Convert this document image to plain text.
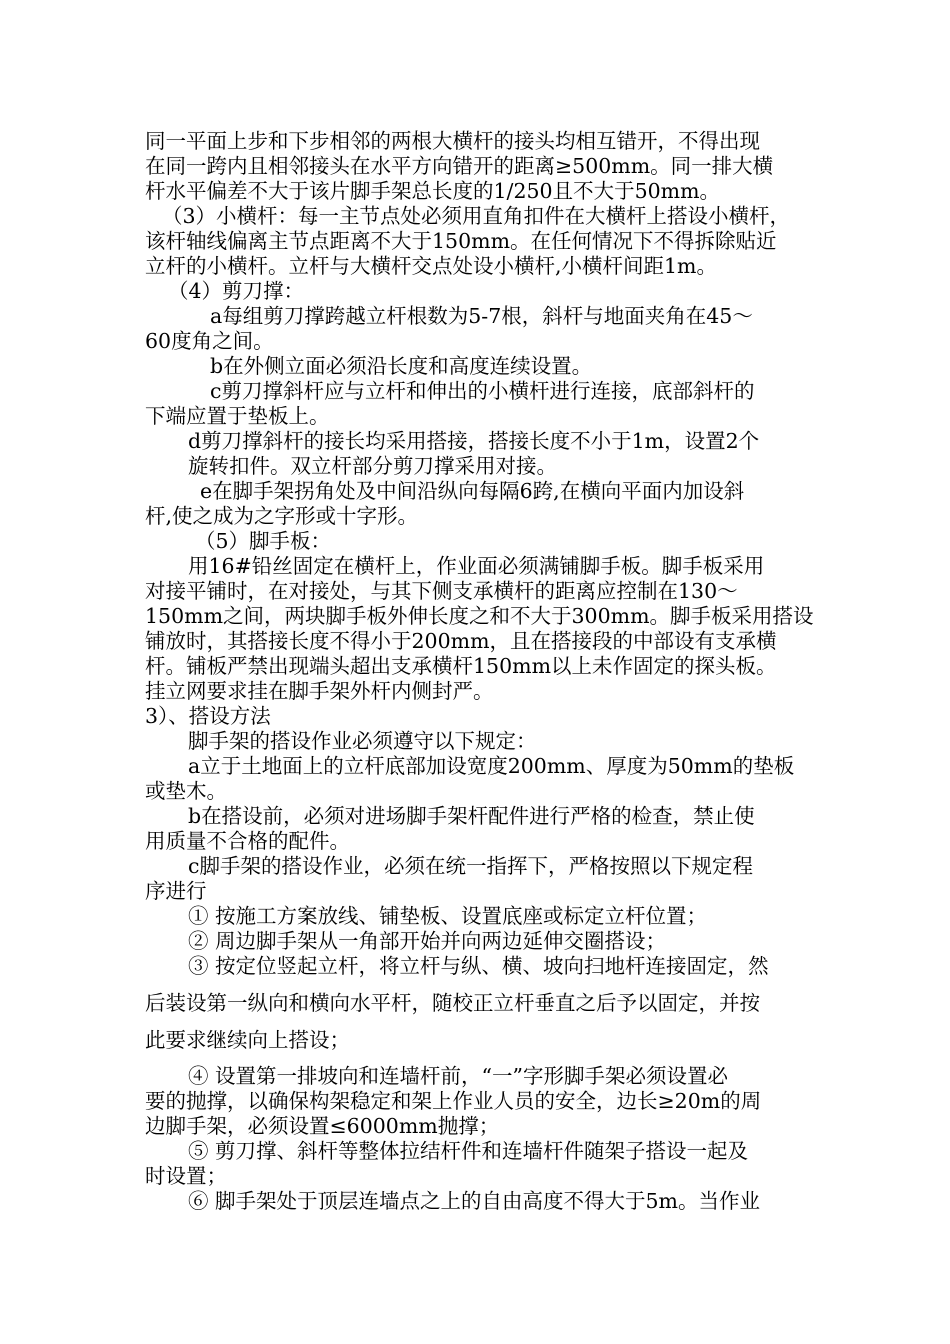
同一平面上步和下步相邻的两根大横杆的接头均相互错开，不得出现
在同一跨内且相邻接头在水平方向错开的距离≥500mm。同一排大横
杆水平偏差不大于该片脚手架总长度的1/250且不大于50mm。
（3）小横杆：每一主节点处必须用直角扣件在大横杆上搭设小横杆，
该杆轴线偏离主节点距离不大于150mm。在任何情况下不得拆除贴近
立杆的小横杆。立杆与大横杆交点处设小横杆,小横杆间距1m。
（4）剪刀撑：
a每组剪刀撑跨越立杆根数为5-7根，斜杆与地面夹角在45～
60度角之间。
b在外侧立面必须沿长度和高度连续设置。
c剪刀撑斜杆应与立杆和伸出的小横杆进行连接，底部斜杆的
下端应置于垫板上。
d剪刀撑斜杆的接长均采用搭接，搭接长度不小于1m，设置2个
旋转扣件。双立杆部分剪刀撑采用对接。
e在脚手架拐角处及中间沿纵向每隔6跨,在横向平面内加设斜
杆,使之成为之字形或十字形。
（5）脚手板：
用16#铅丝固定在横杆上，作业面必须满铺脚手板。脚手板采用
对接平铺时，在对接处，与其下侧支承横杆的距离应控制在130～
150mm之间，两块脚手板外伸长度之和不大于300mm。脚手板采用搭设
铺放时，其搭接长度不得小于200mm，且在搭接段的中部设有支承横
杆。铺板严禁出现端头超出支承横杆150mm以上未作固定的探头板。
挂立网要求挂在脚手架外杆内侧封严。
3）、搭设方法
脚手架的搭设作业必须遵守以下规定：
a立于土地面上的立杆底部加设宽度200mm、厚度为50mm的垫板
或垫木。
b在搭设前，必须对进场脚手架杆配件进行严格的检查，禁止使
用质量不合格的配件。
c脚手架的搭设作业，必须在统一指挥下，严格按照以下规定程
序进行
① 按施工方案放线、铺垫板、设置底座或标定立杆位置；
② 周边脚手架从一角部开始并向两边延伸交圈搭设；
③ 按定位竖起立杆，将立杆与纵、横、坡向扫地杆连接固定，然
后装设第一纵向和横向水平杆，随校正立杆垂直之后予以固定，并按
此要求继续向上搭设；
④ 设置第一排坡向和连墙杆前，“一”字形脚手架必须设置必
要的抛撑，以确保构架稳定和架上作业人员的安全，边长≥20m的周
边脚手架，必须设置≤6000mm抛撑；
⑤ 剪刀撑、斜杆等整体拉结杆件和连墙杆件随架子搭设一起及
时设置；
⑥ 脚手架处于顶层连墙点之上的自由高度不得大于5m。当作业
